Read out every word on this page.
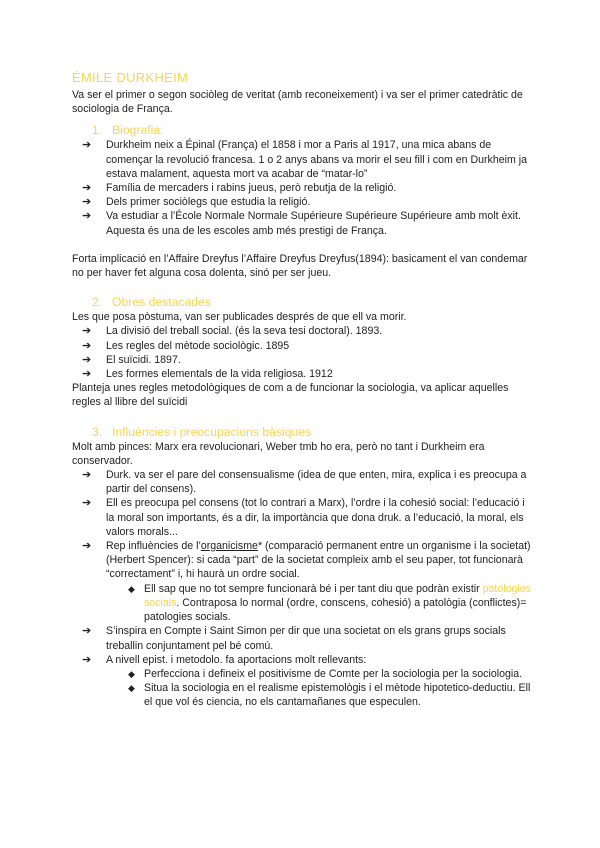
ÉMILE DURKHEIM

Va ser el primer o segon sociòleg de veritat (amb reconeixement) i va ser el primer catedràtic de sociologia de França.

1. Biografia:
➔ Durkheim neix a Épinal (França) el 1858 i mor a Paris al 1917, una mica abans de començar la revolució francesa. 1 o 2 anys abans va morir el seu fill i com en Durkheim ja estava malament, aquesta mort va acabar de “matar-lo”
➔ Família de mercaders i rabins jueus, però rebutja de la religió.
➔ Dels primer sociòlegs que estudia la religió.
➔ Va estudiar a l’École Normale Normale Supérieure Supérieure Supérieure amb molt èxit. Aquesta és una de les escoles amb més prestigi de França.

Forta implicació en l’Affaire Dreyfus l’Affaire Dreyfus Dreyfus(1894): basicament el van condemar no per haver fet alguna cosa dolenta, sinó per ser jueu.

2. Obres destacades

Les que posa pòstuma, van ser publicades després de que ell va morir.

➔ La divisió del treball social. (és la seva tesi doctoral). 1893.
➔ Les regles del mètode sociològic. 1895
➔ El suïcidi. 1897.
➔ Les formes elementals de la vida religiosa. 1912

Planteja unes regles metodològiques de com a de funcionar la sociologia, va aplicar aquelles regles al llibre del suïcidi

3. Influències i preocupacions bàsiques

Molt amb pinces: Marx era revolucionari, Weber tmb ho era, però no tant i Durkheim era conservador.

➔ Durk. va ser el pare del consensualisme (idea de que enten, mira, explica i es preocupa a partir del consens).
➔ Ell es preocupa pel consens (tot lo contrari a Marx), l’ordre i la cohesió social: l’educació i la moral son importants, és a dir, la importància que dona druk. a l’educació, la moral, els valors morals...
➔ Rep influències de l’organicisme* (comparació permanent entre un organisme i la societat) (Herbert Spencer): si cada “part” de la societat compleix amb el seu paper, tot funcionarà “correctament” i, hi haurà un ordre social.
◆ Ell sap que no tot sempre funcionarà bé i per tant diu que podràn existir patologies socials. Contraposa lo normal (ordre, conscens, cohesió) a patològia (conflictes)= patologies socials.
➔ S’inspira en Compte i Saint Simon per dir que una societat on els grans grups socials treballin conjuntament pel bé comú.
➔ A nivell epist. i metodolo. fa aportacions molt rellevants:
◆ Perfecciona i defineix el positivisme de Comte per la sociologia per la sociologia.
◆ Situa la sociologia en el realisme epistemològis i el mètode hipotetico-deductiu. Ell el que vol és ciencia, no els cantamañanes que especulen.
